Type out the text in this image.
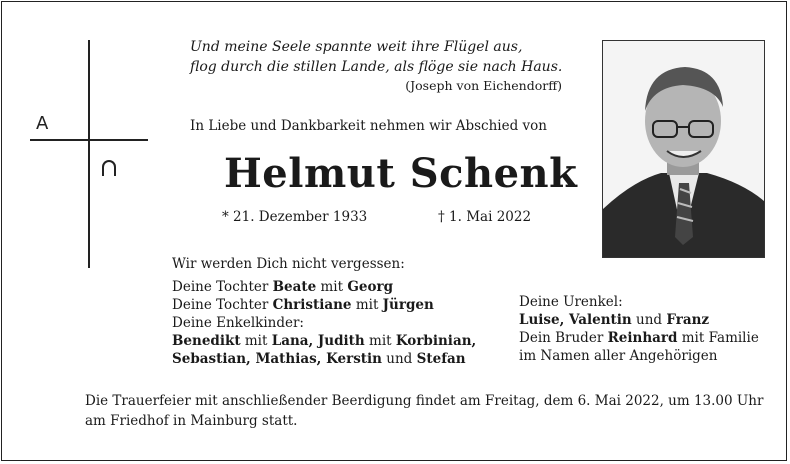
A
Und meine Seele spannte weit ihre Flügel aus,
flog durch die stillen Lande, als flöge sie nach Haus.
(Joseph von Eichendorff)
In Liebe und Dankbarkeit nehmen wir Abschied von
Helmut Schenk
* 21. Dezember 1933	† 1. Mai 2022
Wir werden Dich nicht vergessen:
Deine Tochter Beate mit Georg
Deine Tochter Christiane mit Jürgen
Deine Enkelkinder:
Benedikt mit Lana, Judith mit Korbinian,
Sebastian, Mathias, Kerstin und Stefan
Deine Urenkel:
Luise, Valentin und Franz
Dein Bruder Reinhard mit Familie
im Namen aller Angehörigen
Die Trauerfeier mit anschließender Beerdigung findet am Freitag, dem 6. Mai 2022, um 13.00 Uhr
am Friedhof in Mainburg statt.
